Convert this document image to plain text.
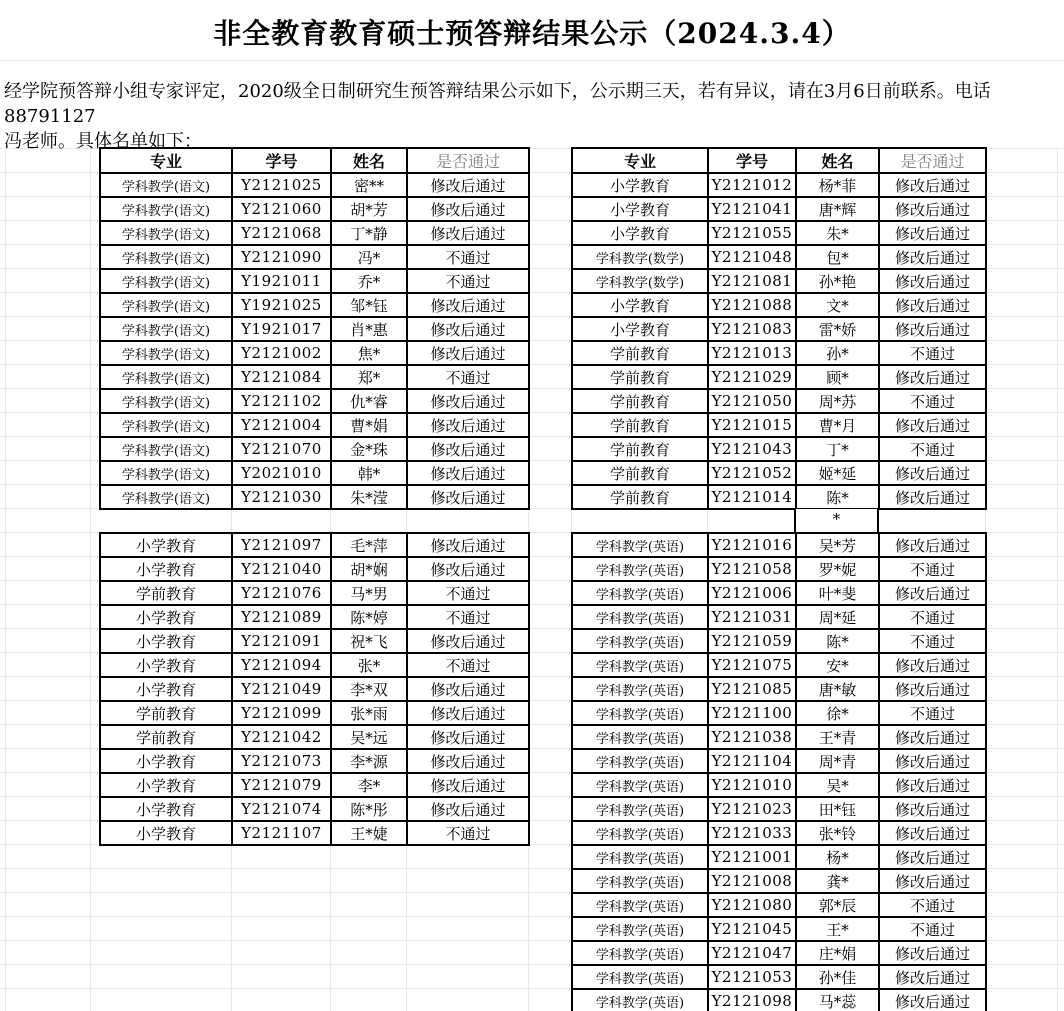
非全教育教育硕士预答辩结果公示（2024.3.4）
经学院预答辩小组专家评定，2020级全日制研究生预答辩结果公示如下，公示期三天，若有异议，请在3月6日前联系。电话88791127
冯老师。具体名单如下：
专业	学号	姓名	是否通过
学科教学(语文)	Y2121025	密**	修改后通过
学科教学(语文)	Y2121060	胡*芳	修改后通过
学科教学(语文)	Y2121068	丁*静	修改后通过
学科教学(语文)	Y2121090	冯*	不通过
学科教学(语文)	Y1921011	乔*	不通过
学科教学(语文)	Y1921025	邹*钰	修改后通过
学科教学(语文)	Y1921017	肖*惠	修改后通过
学科教学(语文)	Y2121002	焦*	修改后通过
学科教学(语文)	Y2121084	郑*	不通过
学科教学(语文)	Y2121102	仇*睿	修改后通过
学科教学(语文)	Y2121004	曹*娟	修改后通过
学科教学(语文)	Y2121070	金*珠	修改后通过
学科教学(语文)	Y2021010	韩*	修改后通过
学科教学(语文)	Y2121030	朱*滢	修改后通过
小学教育	Y2121097	毛*萍	修改后通过
小学教育	Y2121040	胡*娴	修改后通过
学前教育	Y2121076	马*男	不通过
小学教育	Y2121089	陈*婷	不通过
小学教育	Y2121091	祝*飞	修改后通过
小学教育	Y2121094	张*	不通过
小学教育	Y2121049	李*双	修改后通过
学前教育	Y2121099	张*雨	修改后通过
学前教育	Y2121042	吴*远	修改后通过
小学教育	Y2121073	李*源	修改后通过
小学教育	Y2121079	李*	修改后通过
小学教育	Y2121074	陈*彤	修改后通过
小学教育	Y2121107	王*婕	不通过
专业	学号	姓名	是否通过
小学教育	Y2121012	杨*菲	修改后通过
小学教育	Y2121041	唐*辉	修改后通过
小学教育	Y2121055	朱*	修改后通过
学科教学(数学)	Y2121048	包*	修改后通过
学科教学(数学)	Y2121081	孙*艳	修改后通过
小学教育	Y2121088	文*	修改后通过
小学教育	Y2121083	雷*娇	修改后通过
学前教育	Y2121013	孙*	不通过
学前教育	Y2121029	顾*	修改后通过
学前教育	Y2121050	周*苏	不通过
学前教育	Y2121015	曹*月	修改后通过
学前教育	Y2121043	丁*	不通过
学前教育	Y2121052	姬*延	修改后通过
学前教育	Y2121014	陈*	修改后通过
*
学科教学(英语)	Y2121016	吴*芳	修改后通过
学科教学(英语)	Y2121058	罗*妮	不通过
学科教学(英语)	Y2121006	叶*斐	修改后通过
学科教学(英语)	Y2121031	周*延	不通过
学科教学(英语)	Y2121059	陈*	不通过
学科教学(英语)	Y2121075	安*	修改后通过
学科教学(英语)	Y2121085	唐*敏	修改后通过
学科教学(英语)	Y2121100	徐*	不通过
学科教学(英语)	Y2121038	王*青	修改后通过
学科教学(英语)	Y2121104	周*青	修改后通过
学科教学(英语)	Y2121010	吴*	修改后通过
学科教学(英语)	Y2121023	田*钰	修改后通过
学科教学(英语)	Y2121033	张*铃	修改后通过
学科教学(英语)	Y2121001	杨*	修改后通过
学科教学(英语)	Y2121008	龚*	修改后通过
学科教学(英语)	Y2121080	郭*辰	不通过
学科教学(英语)	Y2121045	王*	不通过
学科教学(英语)	Y2121047	庄*娟	修改后通过
学科教学(英语)	Y2121053	孙*佳	修改后通过
学科教学(英语)	Y2121098	马*蕊	修改后通过
